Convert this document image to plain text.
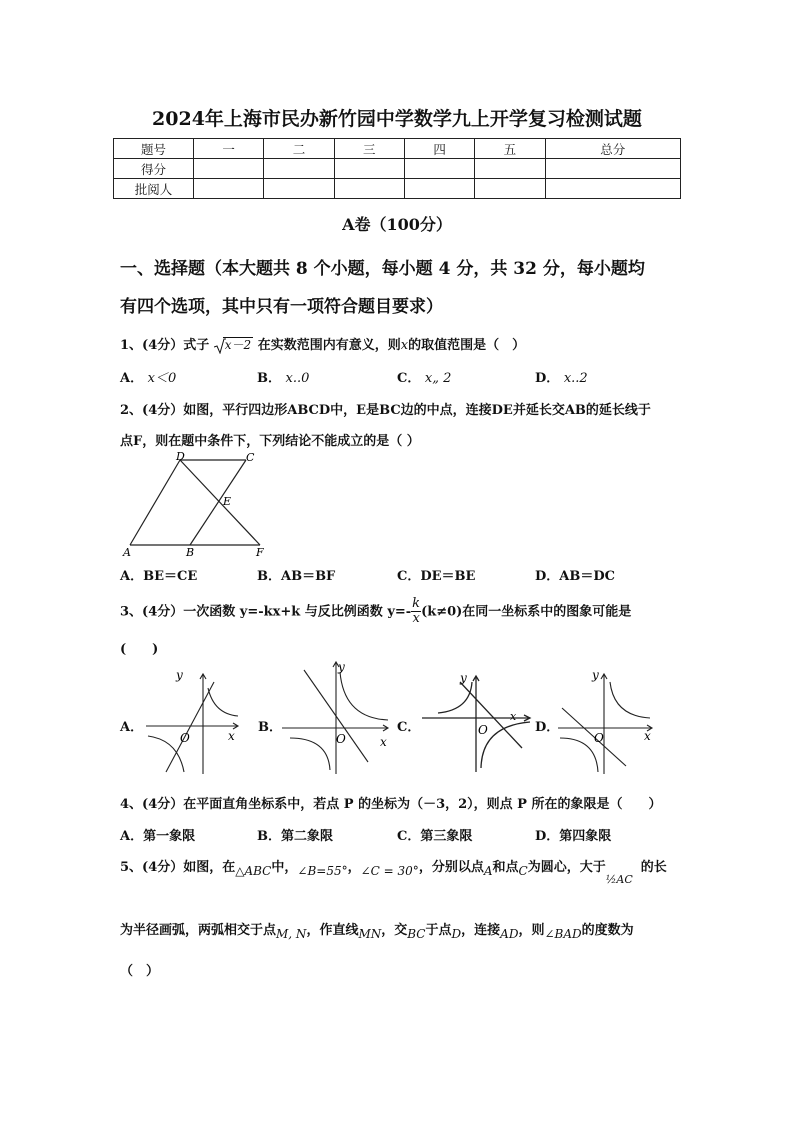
2024年上海市民办新竹园中学数学九上开学复习检测试题
题号	一	二	三	四	五	总分
得分						
批阅人						
A卷（100分）
一、选择题（本大题共 8 个小题，每小题 4 分，共 32 分，每小题均
有四个选项，其中只有一项符合题目要求）
1、(4分）式子 x－2 在实数范围内有意义，则x的取值范围是（　）
A． x＜0	B． x..0	C． x„ 2	D． x..2
2、(4分）如图，平行四边形ABCD中，E是BC边的中点，连接DE并延长交AB的延长线于
点F，则在题中条件下，下列结论不能成立的是（ ）
D	C
E
A	B	F
A．BE＝CE	B．AB＝BF	C．DE＝BE	D．AB＝DC
3、(4分）一次函数 y=-kx+k 与反比例函数 $y=- \frac{k}{x} (k\ne 0)$在同一坐标系中的图象可能是
(　　)
A．
y
x
O
B．
y
x
O
C．
y
x
O	D．
y
x
O
4、(4分）在平面直角坐标系中，若点 P 的坐标为（－3，2），则点 P 所在的象限是（　　）
A．第一象限	B．第二象限	C．第三象限	D．第四象限
5、(4分）如图，在△ABC中，∠B=55°，∠C = 30°，分别以点A和点C为圆心，大于$_{\frac{1}{2}AC}$的长
为半径画弧，两弧相交于点M, N，作直线MN，交BC于点D，连接AD，则∠BAD的度数为
（　）
